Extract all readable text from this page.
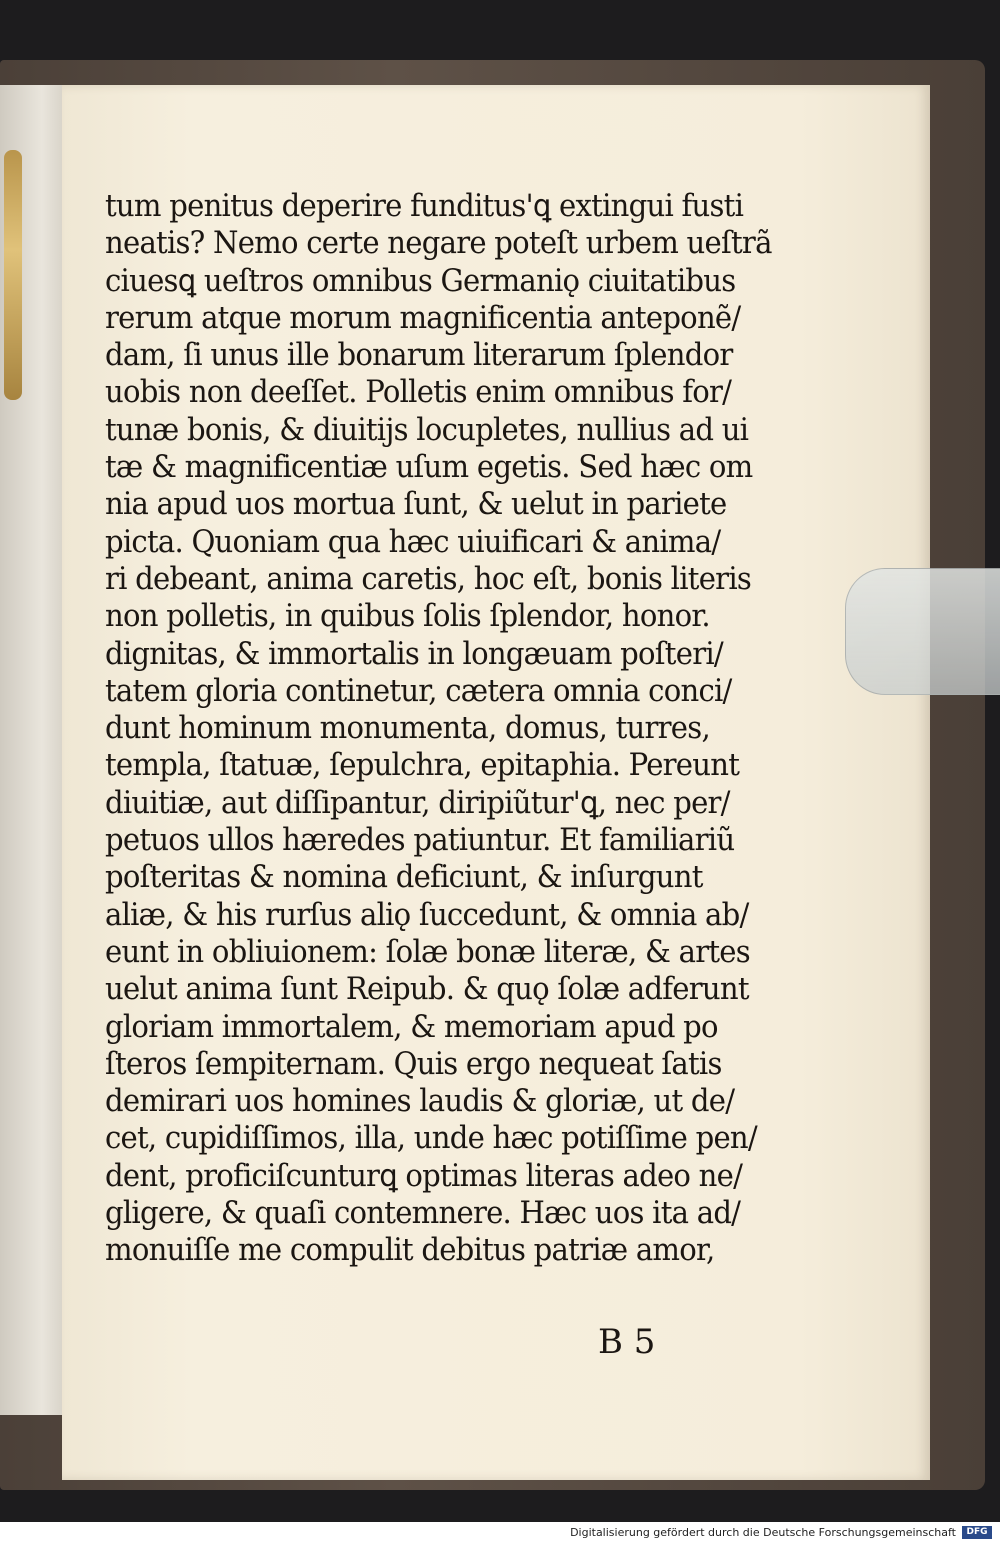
tum penitus deperire funditus'ꝗ extingui fusti
neatis? Nemo certe negare poteſt urbem ueſtrã
ciuesꝗ ueſtros omnibus Germaniǫ ciuitatibus
rerum atque morum magnificentia anteponẽ/
dam, ſi unus ille bonarum literarum ſplendor
uobis non deeſſet. Polletis enim omnibus for/
tunæ bonis, & diuitijs locupletes, nullius ad ui
tæ & magnificentiæ uſum egetis. Sed hæc om
nia apud uos mortua ſunt, & uelut in pariete
picta. Quoniam qua hæc uiuificari & anima/
ri debeant, anima caretis, hoc eſt, bonis literis
non polletis, in quibus ſolis ſplendor, honor.
dignitas, & immortalis in longæuam poſteri/
tatem gloria continetur, cætera omnia conci/
dunt hominum monumenta, domus, turres,
templa, ſtatuæ, ſepulchra, epitaphia. Pereunt
diuitiæ, aut diſſipantur, diripiũtur'ꝗ, nec per/
petuos ullos hæredes patiuntur. Et familiariũ
poſteritas & nomina deficiunt, & inſurgunt
aliæ, & his rurſus aliǫ ſuccedunt, & omnia ab/
eunt in obliuionem: ſolæ bonæ literæ, & artes
uelut anima ſunt Reipub. & quǫ ſolæ adferunt
gloriam immortalem, & memoriam apud po
ſteros ſempiternam. Quis ergo nequeat ſatis
demirari uos homines laudis & gloriæ, ut de/
cet, cupidiſſimos, illa, unde hæc potiſſime pen/
dent, proficiſcunturꝗ optimas literas adeo ne/
gligere, & quaſi contemnere. Hæc uos ita ad/
monuiſſe me compulit debitus patriæ amor,

B 5
Digitalisierung gefördert durch die Deutsche Forschungsgemeinschaft	DFG
